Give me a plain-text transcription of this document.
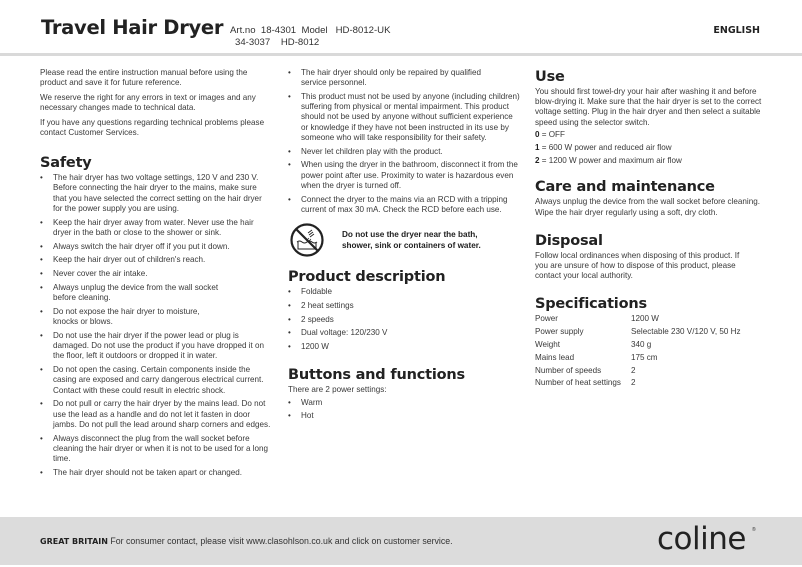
Travel Hair Dryer Art.no  18-4301  Model   HD-8012-UK
34-3037    HD-8012
ENGLISH

Please read the entire instruction manual before using the product and save it for future reference.

We reserve the right for any errors in text or images and any necessary changes made to technical data.

If you have any questions regarding technical problems please contact Customer Services.

Safety
• The hair dryer has two voltage settings, 120 V and 230 V. Before connecting the hair dryer to the mains, make sure that you have selected the correct setting on the hair dryer for the power supply you are using.
• Keep the hair dryer away from water. Never use the hair dryer in the bath or close to the shower or sink.
• Always switch the hair dryer off if you put it down.
• Keep the hair dryer out of children's reach.
• Never cover the air intake.
• Always unplug the device from the wall socket before cleaning.
• Do not expose the hair dryer to moisture, knocks or blows.
• Do not use the hair dryer if the power lead or plug is damaged. Do not use the product if you have dropped it on the floor, left it outdoors or dropped it in water.
• Do not open the casing. Certain components inside the casing are exposed and carry dangerous electrical current. Contact with these could result in electric shock.
• Do not pull or carry the hair dryer by the mains lead. Do not use the lead as a handle and do not let it fasten in door jambs. Do not pull the lead around sharp corners and edges.
• Always disconnect the plug from the wall socket before cleaning the hair dryer or when it is not to be used for a long time.
• The hair dryer should not be taken apart or changed.
• The hair dryer should only be repaired by qualified service personnel.
• This product must not be used by anyone (including children) suffering from physical or mental impairment. This product should not be used by anyone without sufficient experience or knowledge if they have not been instructed in its use by someone who will take responsibility for their safety.
• Never let children play with the product.
• When using the dryer in the bathroom, disconnect it from the power point after use. Proximity to water is hazardous even when the dryer is turned off.
• Connect the dryer to the mains via an RCD with a tripping current of max 30 mA. Check the RCD before each use.
Do not use the dryer near the bath,
shower, sink or containers of water.
Product description
• Foldable
• 2 heat settings
• 2 speeds
• Dual voltage: 120/230 V
• 1200 W
Buttons and functions

There are 2 power settings:

• Warm
• Hot
Use

You should first towel-dry your hair after washing it and before blow-drying it. Make sure that the hair dryer is set to the correct voltage setting. Plug in the hair dryer and then select a suitable speed using the selector switch.

0 = OFF
1 = 600 W power and reduced air flow
2 = 1200 W power and maximum air flow
Care and maintenance

Always unplug the device from the wall socket before cleaning. Wipe the hair dryer regularly using a soft, dry cloth.

Disposal

Follow local ordinances when disposing of this product. If you are unsure of how to dispose of this product, please contact your local authority.

Specifications
Power	1200 W
Power supply	Selectable 230 V/120 V, 50 Hz
Weight	340 g
Mains lead	175 cm
Number of speeds	2
Number of heat settings	2
GREAT BRITAIN For consumer contact, please visit www.clasohlson.co.uk and click on customer service.	coline ®
